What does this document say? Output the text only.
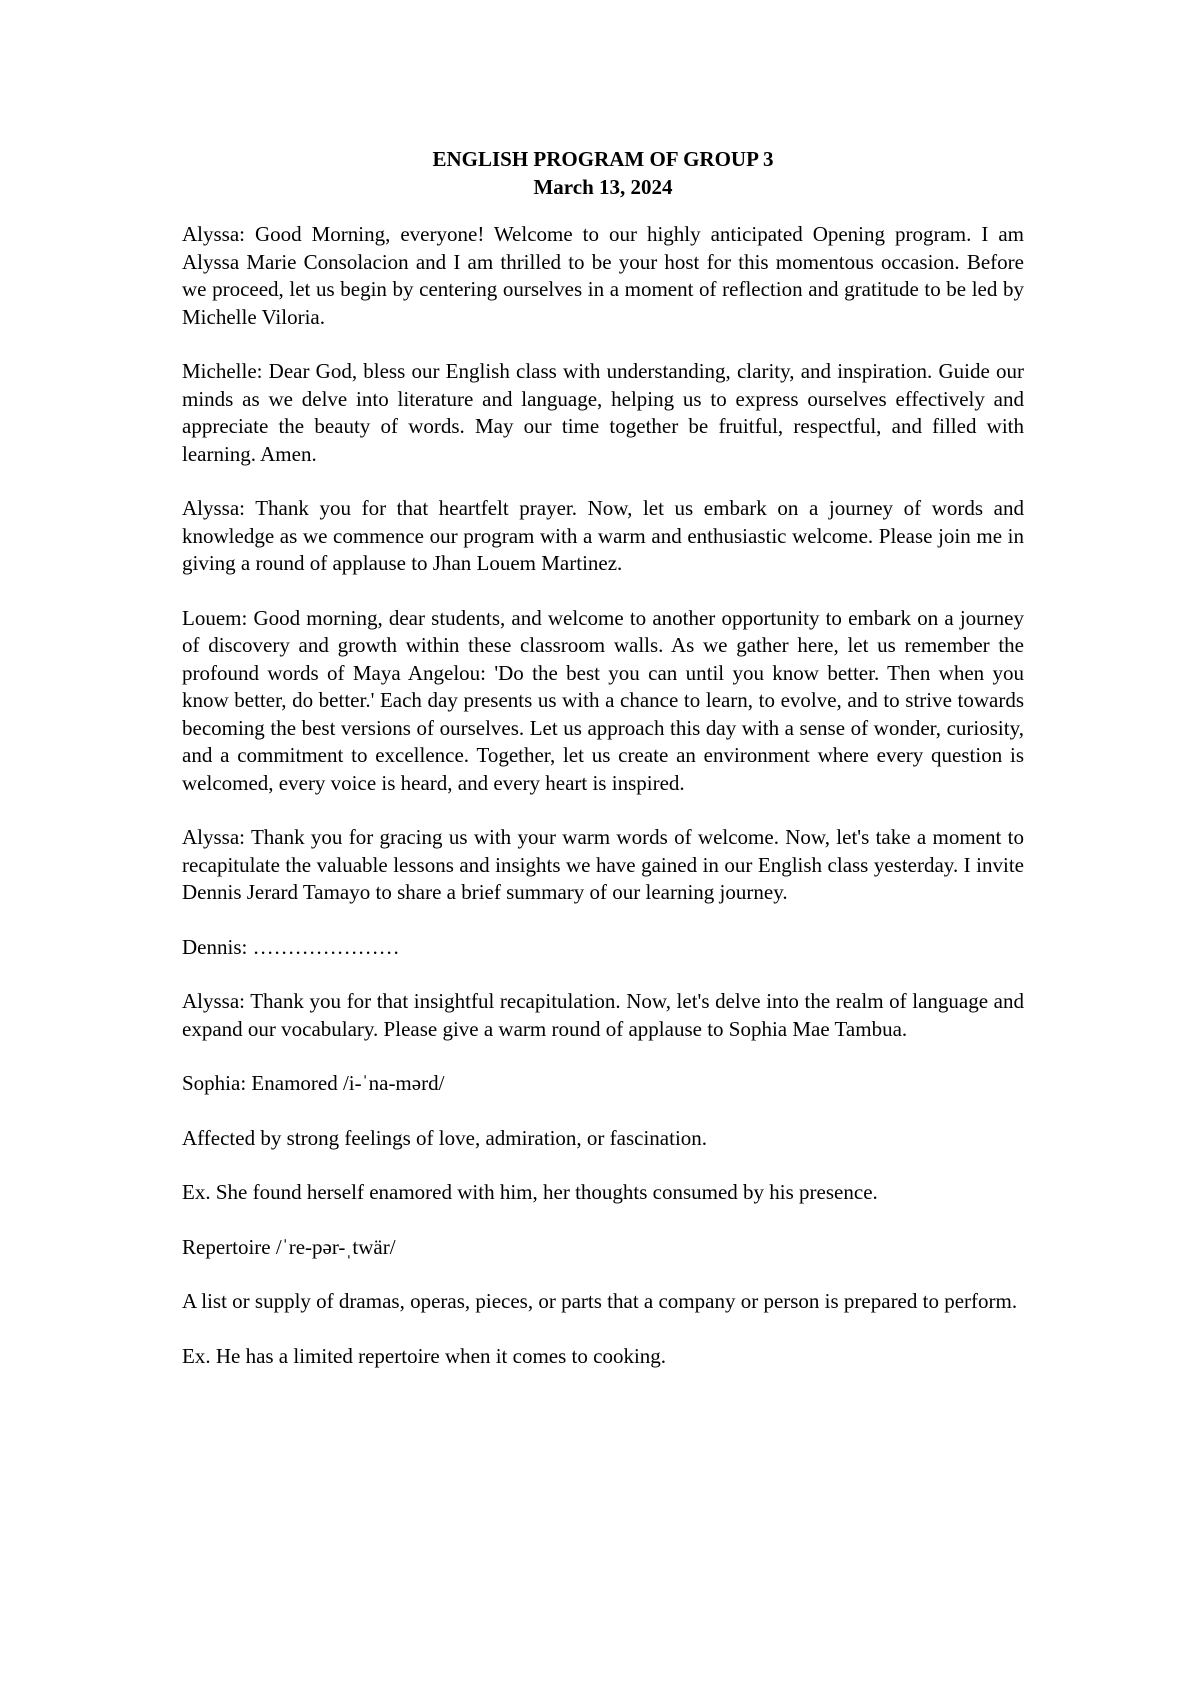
ENGLISH PROGRAM OF GROUP 3
March 13, 2024

Alyssa: Good Morning, everyone! Welcome to our highly anticipated Opening program. I am Alyssa Marie Consolacion and I am thrilled to be your host for this momentous occasion. Before we proceed, let us begin by centering ourselves in a moment of reflection and gratitude to be led by Michelle Viloria.

Michelle: Dear God, bless our English class with understanding, clarity, and inspiration. Guide our minds as we delve into literature and language, helping us to express ourselves effectively and appreciate the beauty of words. May our time together be fruitful, respectful, and filled with learning. Amen.

Alyssa: Thank you for that heartfelt prayer. Now, let us embark on a journey of words and knowledge as we commence our program with a warm and enthusiastic welcome. Please join me in giving a round of applause to Jhan Louem Martinez.

Louem: Good morning, dear students, and welcome to another opportunity to embark on a journey of discovery and growth within these classroom walls. As we gather here, let us remember the profound words of Maya Angelou: 'Do the best you can until you know better. Then when you know better, do better.' Each day presents us with a chance to learn, to evolve, and to strive towards becoming the best versions of ourselves. Let us approach this day with a sense of wonder, curiosity, and a commitment to excellence. Together, let us create an environment where every question is welcomed, every voice is heard, and every heart is inspired.

Alyssa: Thank you for gracing us with your warm words of welcome. Now, let's take a moment to recapitulate the valuable lessons and insights we have gained in our English class yesterday. I invite Dennis Jerard Tamayo to share a brief summary of our learning journey.

Dennis: …………………

Alyssa: Thank you for that insightful recapitulation. Now, let's delve into the realm of language and expand our vocabulary. Please give a warm round of applause to Sophia Mae Tambua.

Sophia: Enamored /i-ˈna-mərd/

Affected by strong feelings of love, admiration, or fascination.

Ex. She found herself enamored with him, her thoughts consumed by his presence.

Repertoire /ˈre-pər-ˌtwär/

A list or supply of dramas, operas, pieces, or parts that a company or person is prepared to perform.

Ex. He has a limited repertoire when it comes to cooking.
